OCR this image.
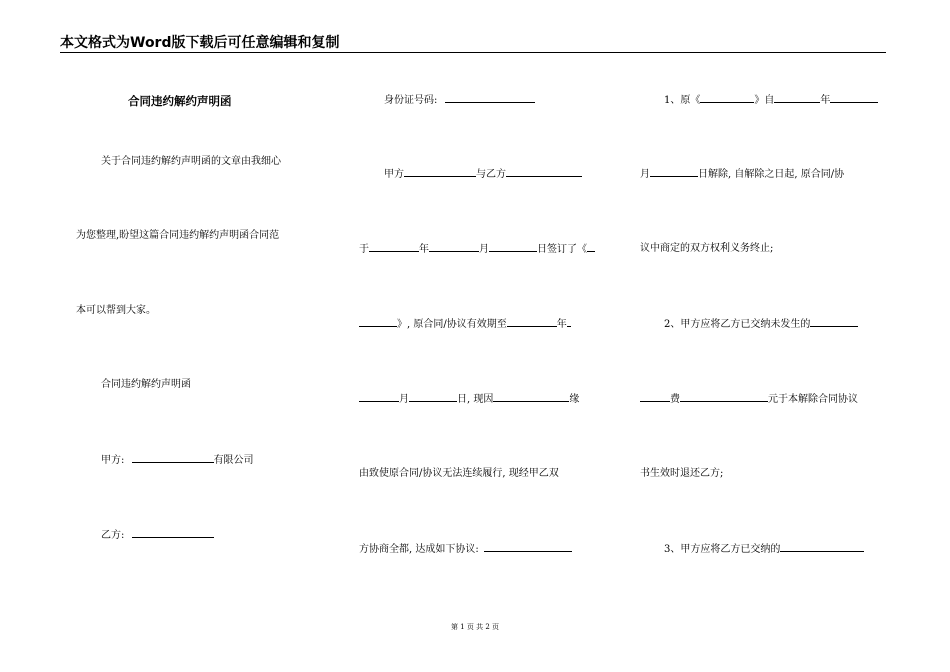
本文格式为Word版下载后可任意编辑和复制
合同违约解约声明函
关于合同违约解约声明函的文章由我细心
为您整理,盼望这篇合同违约解约声明函合同范
本可以帮到大家。
合同违约解约声明函
甲方:	有限公司
乙方:
身份证号码:
甲方	与乙方
于	年	月	日签订了《
》, 原合同/协议有效期至	年
月	日, 现因	缘
由致使原合同/协议无法连续履行, 现经甲乙双
方协商全都, 达成如下协议:
1、原《	》自	年
月	日解除, 自解除之日起, 原合同/协
议中商定的双方权利义务终止;
2、甲方应将乙方已交纳未发生的
费	元于本解除合同协议
书生效时退还乙方;
3、甲方应将乙方已交纳的
第 1 页 共 2 页
